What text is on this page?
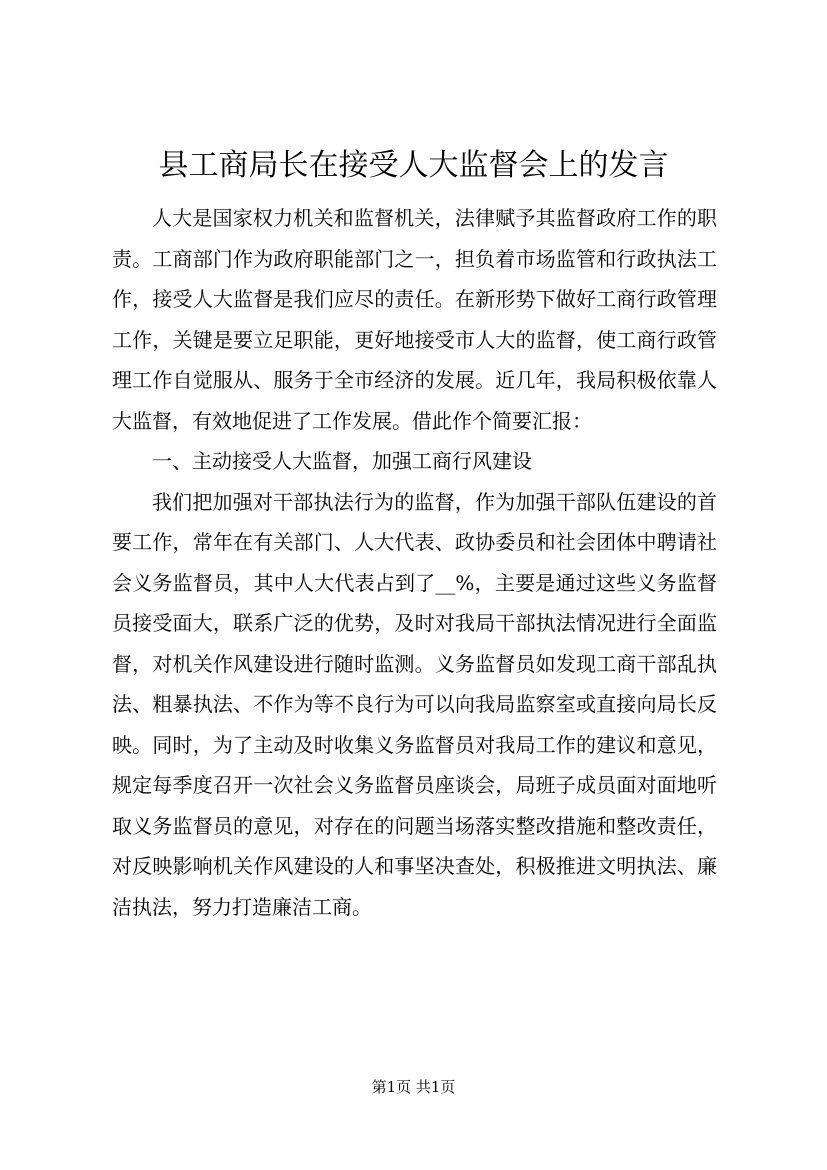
县工商局长在接受人大监督会上的发言

人大是国家权力机关和监督机关，法律赋予其监督政府工作的职责。工商部门作为政府职能部门之一，担负着市场监管和行政执法工作，接受人大监督是我们应尽的责任。在新形势下做好工商行政管理工作，关键是要立足职能，更好地接受市人大的监督，使工商行政管理工作自觉服从、服务于全市经济的发展。近几年，我局积极依靠人大监督，有效地促进了工作发展。借此作个简要汇报：

一、主动接受人大监督，加强工商行风建设

我们把加强对干部执法行为的监督，作为加强干部队伍建设的首要工作，常年在有关部门、人大代表、政协委员和社会团体中聘请社会义务监督员，其中人大代表占到了__%，主要是通过这些义务监督员接受面大，联系广泛的优势，及时对我局干部执法情况进行全面监督，对机关作风建设进行随时监测。义务监督员如发现工商干部乱执法、粗暴执法、不作为等不良行为可以向我局监察室或直接向局长反映。同时，为了主动及时收集义务监督员对我局工作的建议和意见，规定每季度召开一次社会义务监督员座谈会，局班子成员面对面地听取义务监督员的意见，对存在的问题当场落实整改措施和整改责任，对反映影响机关作风建设的人和事坚决查处，积极推进文明执法、廉洁执法，努力打造廉洁工商。

第1页 共1页
